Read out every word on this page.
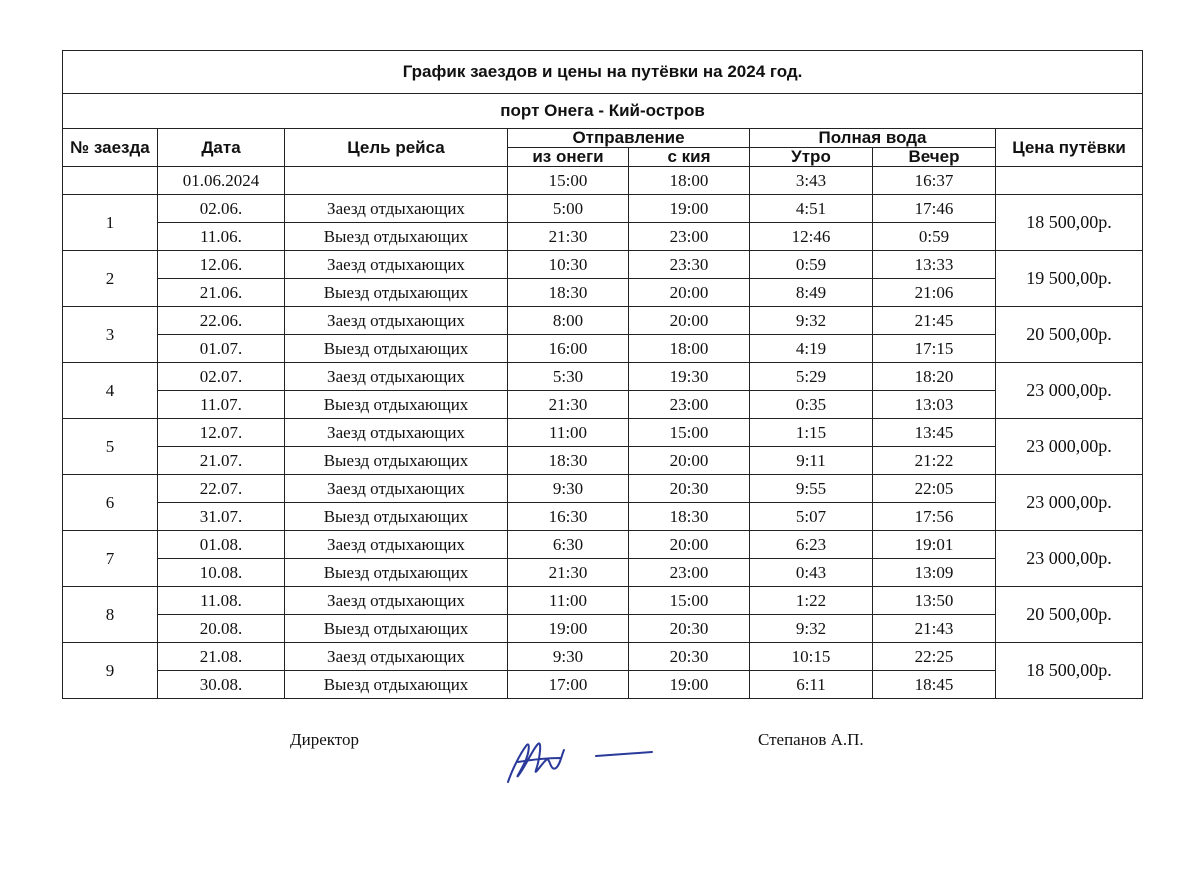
График заездов и цены на путёвки на 2024 год.							
порт Онега - Кий-остров							
№ заезда	Дата	Цель рейса	Отправление		Полная вода		Цена путёвки
			из онеги	с кия	Утро	Вечер	
	01.06.2024		15:00	18:00	3:43	16:37	
1	02.06.	Заезд отдыхающих	5:00	19:00	4:51	17:46	18 500,00р.
	11.06.	Выезд отдыхающих	21:30	23:00	12:46	0:59	
2	12.06.	Заезд отдыхающих	10:30	23:30	0:59	13:33	19 500,00р.
	21.06.	Выезд отдыхающих	18:30	20:00	8:49	21:06	
3	22.06.	Заезд отдыхающих	8:00	20:00	9:32	21:45	20 500,00р.
	01.07.	Выезд отдыхающих	16:00	18:00	4:19	17:15	
4	02.07.	Заезд отдыхающих	5:30	19:30	5:29	18:20	23 000,00р.
	11.07.	Выезд отдыхающих	21:30	23:00	0:35	13:03	
5	12.07.	Заезд отдыхающих	11:00	15:00	1:15	13:45	23 000,00р.
	21.07.	Выезд отдыхающих	18:30	20:00	9:11	21:22	
6	22.07.	Заезд отдыхающих	9:30	20:30	9:55	22:05	23 000,00р.
	31.07.	Выезд отдыхающих	16:30	18:30	5:07	17:56	
7	01.08.	Заезд отдыхающих	6:30	20:00	6:23	19:01	23 000,00р.
	10.08.	Выезд отдыхающих	21:30	23:00	0:43	13:09	
8	11.08.	Заезд отдыхающих	11:00	15:00	1:22	13:50	20 500,00р.
	20.08.	Выезд отдыхающих	19:00	20:30	9:32	21:43	
9	21.08.	Заезд отдыхающих	9:30	20:30	10:15	22:25	18 500,00р.
	30.08.	Выезд отдыхающих	17:00	19:00	6:11	18:45	
Директор	Степанов А.П.
